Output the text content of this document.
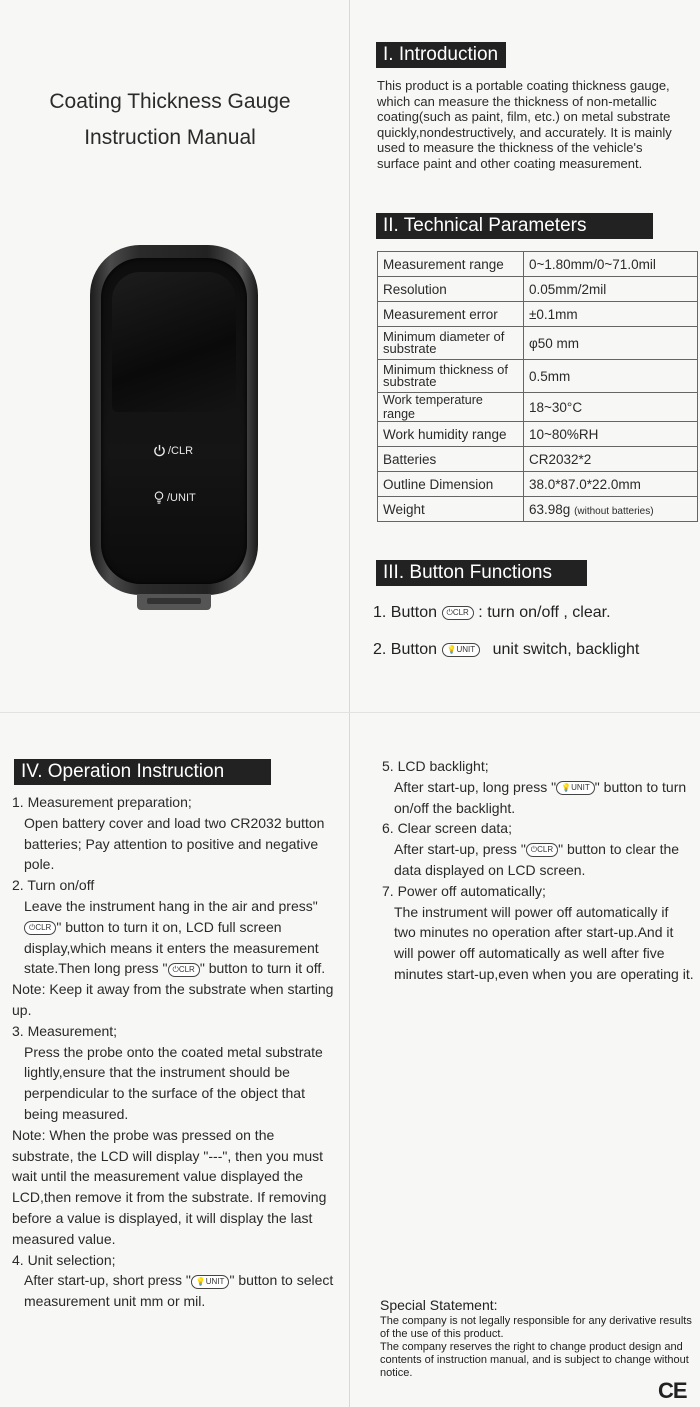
Coating Thickness Gauge
Instruction Manual
/CLR
/UNIT
I. Introduction
This product is a portable coating thickness gauge, which can measure the thickness of non-metallic coating(such as paint, film, etc.) on metal substrate quickly,nondestructively, and accurately. It is mainly used to measure the thickness of the vehicle's surface paint and other coating measurement.
II. Technical Parameters
Measurement range	0~1.80mm/0~71.0mil
Resolution	0.05mm/2mil
Measurement error	±0.1mm
Minimum diameter of substrate	φ50 mm
Minimum thickness of substrate	0.5mm
Work temperature range	18~30°C
Work humidity range	10~80%RH
Batteries	CR2032*2
Outline Dimension	38.0*87.0*22.0mm
Weight	63.98g (without batteries)
III. Button Functions
1. Button ⏻CLR : turn on/off , clear.
2. Button 💡UNIT unit switch, backlight
IV. Operation Instruction

1. Measurement preparation;

Open battery cover and load two CR2032 button batteries; Pay attention to positive and negative pole.

2. Turn on/off

Leave the instrument hang in the air and press"⏻CLR " button to turn it on, LCD full screen display,which means it enters the measurement state.Then long press " ⏻CLR " button to turn it off.

Note: Keep it away from the substrate when starting up.

3. Measurement;

Press the probe onto the coated metal substrate lightly,ensure that the instrument should be perpendicular to the surface of the object that being measured.

Note: When the probe was pressed on the substrate, the LCD will display "---", then you must wait until the measurement value displayed the LCD,then remove it from the substrate. If removing before a value is displayed, it will display the last measured value.

4. Unit selection;

After start-up, short press " 💡UNIT " button to select measurement unit mm or mil.

5. LCD backlight;

After start-up, long press " 💡UNIT " button to turn on/off the backlight.

6. Clear screen data;

After start-up, press " ⏻CLR " button to clear the data displayed on LCD screen.

7. Power off automatically;

The instrument will power off automatically if two minutes no operation after start-up.And it will power off automatically as well after five minutes start-up,even when you are operating it.

Special Statement:
The company is not legally responsible for any derivative results of the use of this product.
The company reserves the right to change product design and contents of instruction manual, and is subject to change without notice.
CE
